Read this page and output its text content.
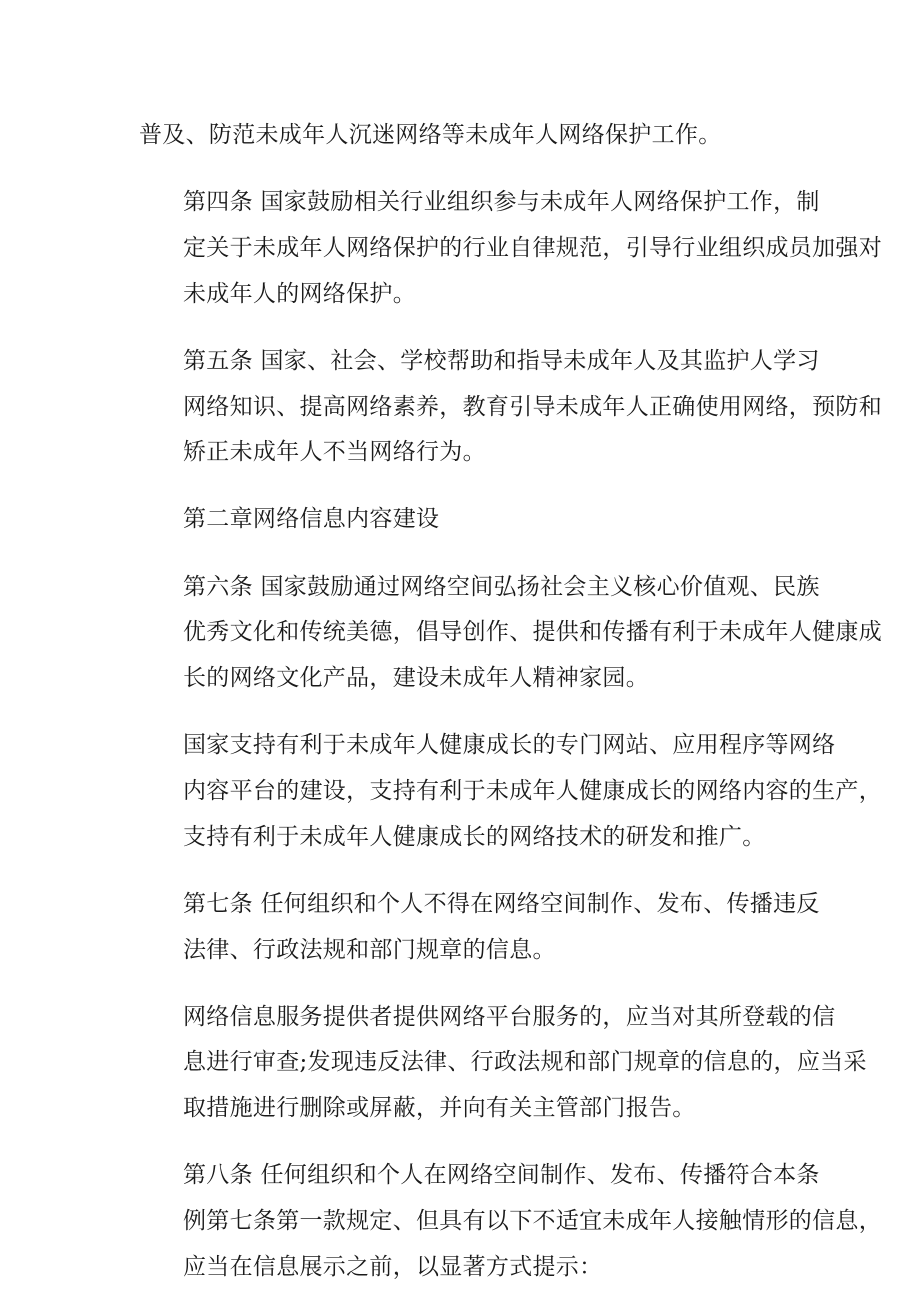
普及、防范未成年人沉迷网络等未成年人网络保护工作。

第四条 国家鼓励相关行业组织参与未成年人网络保护工作，制
定关于未成年人网络保护的行业自律规范，引导行业组织成员加强对
未成年人的网络保护。

第五条 国家、社会、学校帮助和指导未成年人及其监护人学习
网络知识、提高网络素养，教育引导未成年人正确使用网络，预防和
矫正未成年人不当网络行为。

第二章网络信息内容建设

第六条 国家鼓励通过网络空间弘扬社会主义核心价值观、民族
优秀文化和传统美德，倡导创作、提供和传播有利于未成年人健康成
长的网络文化产品，建设未成年人精神家园。

国家支持有利于未成年人健康成长的专门网站、应用程序等网络
内容平台的建设，支持有利于未成年人健康成长的网络内容的生产，
支持有利于未成年人健康成长的网络技术的研发和推广。

第七条 任何组织和个人不得在网络空间制作、发布、传播违反
法律、行政法规和部门规章的信息。

网络信息服务提供者提供网络平台服务的，应当对其所登载的信
息进行审查;发现违反法律、行政法规和部门规章的信息的，应当采
取措施进行删除或屏蔽，并向有关主管部门报告。

第八条 任何组织和个人在网络空间制作、发布、传播符合本条
例第七条第一款规定、但具有以下不适宜未成年人接触情形的信息，
应当在信息展示之前，以显著方式提示：
